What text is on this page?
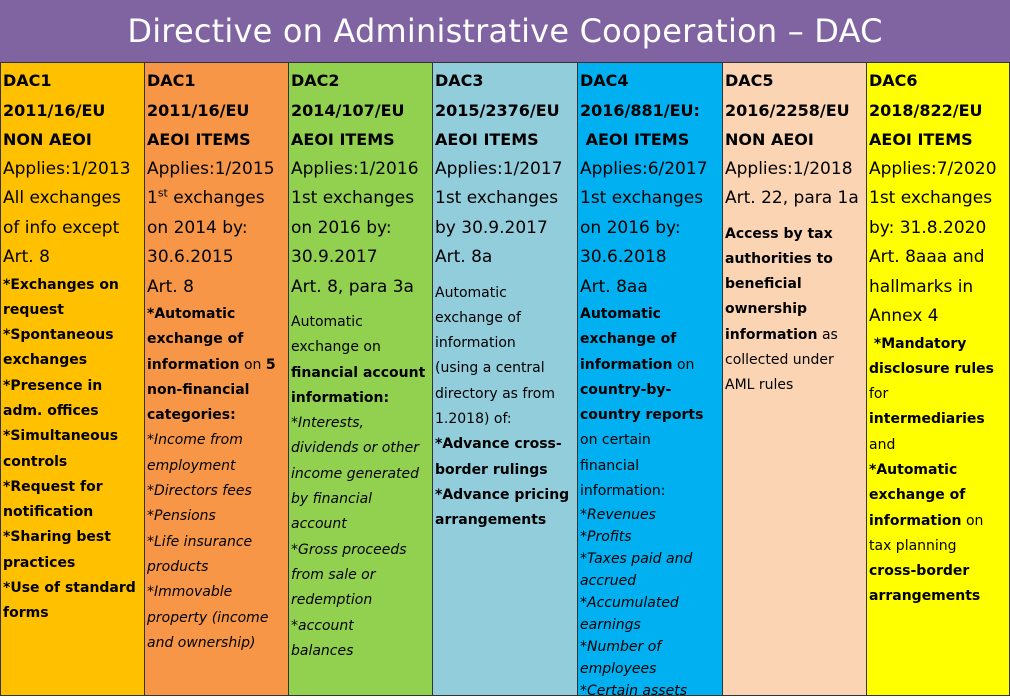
Directive on Administrative Cooperation – DAC
DAC1
2011/16/EU
NON AEOI
Applies:1/2013
All exchanges
of info except
Art. 8
*Exchanges on
request
*Spontaneous
exchanges
*Presence in
adm. offices
*Simultaneous
controls
*Request for
notification
*Sharing best
practices
*Use of standard
forms
DAC1
2011/16/EU
AEOI ITEMS
Applies:1/2015
1st exchanges
on 2014 by:
30.6.2015
Art. 8
*Automatic
exchange of
information on 5
non-financial
categories:
*Income from
employment
*Directors fees
*Pensions
*Life insurance
products
*Immovable
property (income
and ownership)
DAC2
2014/107/EU
AEOI ITEMS
Applies:1/2016
1st exchanges
on 2016 by:
30.9.2017
Art. 8, para 3a
Automatic
exchange on
financial account
information:
*Interests,
dividends or other
income generated
by financial
account
*Gross proceeds
from sale or
redemption
*account
balances
DAC3
2015/2376/EU
AEOI ITEMS
Applies:1/2017
1st exchanges
by 30.9.2017
Art. 8a
Automatic
exchange of
information
(using a central
directory as from
1.2018) of:
*Advance cross-
border rulings
*Advance pricing
arrangements
DAC4
2016/881/EU:
AEOI ITEMS
Applies:6/2017
1st exchanges
on 2016 by:
30.6.2018
Art. 8aa
Automatic
exchange of
information on
country-by-
country reports
on certain
financial
information:
*Revenues
*Profits
*Taxes paid and
accrued
*Accumulated
earnings
*Number of
employees
*Certain assets
DAC5
2016/2258/EU
NON AEOI
Applies:1/2018
Art. 22, para 1a
Access by tax
authorities to
beneficial
ownership
information as
collected under
AML rules
DAC6
2018/822/EU
AEOI ITEMS
Applies:7/2020
1st exchanges
by: 31.8.2020
Art. 8aaa and
hallmarks in
Annex 4
*Mandatory
disclosure rules
for
intermediaries
and
*Automatic
exchange of
information on
tax planning
cross-border
arrangements
